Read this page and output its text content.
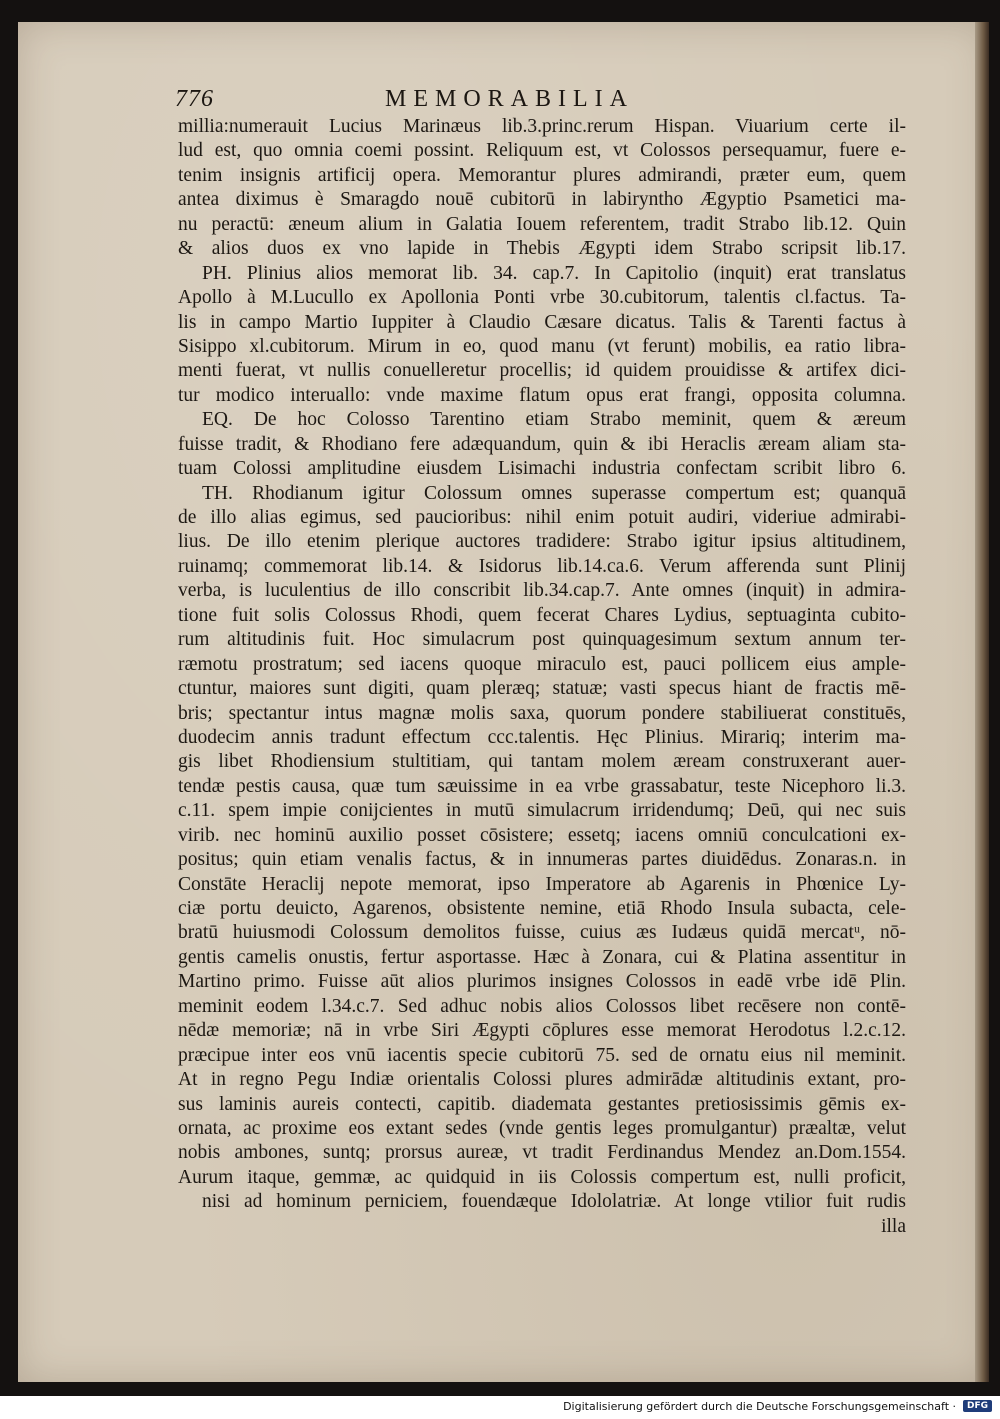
776	MEMORABILIA
millia:numerauit Lucius Marinæus lib.3.princ.rerum Hispan. Viuarium certe il-
lud est, quo omnia coemi possint. Reliquum est, vt Colossos persequamur, fuere e-
tenim insignis artificij opera. Memorantur plures admirandi, præter eum, quem
antea diximus è Smaragdo nouē cubitorū in labiryntho Ægyptio Psametici ma-
nu peractū: æneum alium in Galatia Iouem referentem, tradit Strabo lib.12. Quin
& alios duos ex vno lapide in Thebis Ægypti idem Strabo scripsit lib.17.
PH. Plinius alios memorat lib. 34. cap.7. In Capitolio (inquit) erat translatus
Apollo à M.Lucullo ex Apollonia Ponti vrbe 30.cubitorum, talentis cl.factus. Ta-
lis in campo Martio Iuppiter à Claudio Cæsare dicatus. Talis & Tarenti factus à
Sisippo xl.cubitorum. Mirum in eo, quod manu (vt ferunt) mobilis, ea ratio libra-
menti fuerat, vt nullis conuelleretur procellis; id quidem prouidisse & artifex dici-
tur modico interuallo: vnde maxime flatum opus erat frangi, opposita columna.
EQ. De hoc Colosso Tarentino etiam Strabo meminit, quem & æreum
fuisse tradit, & Rhodiano fere adæquandum, quin & ibi Heraclis æream aliam sta-
tuam Colossi amplitudine eiusdem Lisimachi industria confectam scribit libro 6.
TH. Rhodianum igitur Colossum omnes superasse compertum est; quanquā
de illo alias egimus, sed paucioribus: nihil enim potuit audiri, videriue admirabi-
lius. De illo etenim plerique auctores tradidere: Strabo igitur ipsius altitudinem,
ruinamq; commemorat lib.14. & Isidorus lib.14.ca.6. Verum afferenda sunt Plinij
verba, is luculentius de illo conscribit lib.34.cap.7. Ante omnes (inquit) in admira-
tione fuit solis Colossus Rhodi, quem fecerat Chares Lydius, septuaginta cubito-
rum altitudinis fuit. Hoc simulacrum post quinquagesimum sextum annum ter-
ræmotu prostratum; sed iacens quoque miraculo est, pauci pollicem eius ample-
ctuntur, maiores sunt digiti, quam pleræq; statuæ; vasti specus hiant de fractis mē-
bris; spectantur intus magnæ molis saxa, quorum pondere stabiliuerat constituēs,
duodecim annis tradunt effectum ccc.talentis. Hęc Plinius. Mirariq; interim ma-
gis libet Rhodiensium stultitiam, qui tantam molem æream construxerant auer-
tendæ pestis causa, quæ tum sæuissime in ea vrbe grassabatur, teste Nicephoro li.3.
c.11. spem impie conijcientes in mutū simulacrum irridendumq; Deū, qui nec suis
virib. nec hominū auxilio posset cōsistere; essetq; iacens omniū conculcationi ex-
positus; quin etiam venalis factus, & in innumeras partes diuidēdus. Zonaras.n. in
Constāte Heraclij nepote memorat, ipso Imperatore ab Agarenis in Phœnice Ly-
ciæ portu deuicto, Agarenos, obsistente nemine, etiā Rhodo Insula subacta, cele-
bratū huiusmodi Colossum demolitos fuisse, cuius æs Iudæus quidā mercatᵘ, nō-
gentis camelis onustis, fertur asportasse. Hæc à Zonara, cui & Platina assentitur in
Martino primo. Fuisse aūt alios plurimos insignes Colossos in eadē vrbe idē Plin.
meminit eodem l.34.c.7. Sed adhuc nobis alios Colossos libet recēsere non contē-
nēdæ memoriæ; nā in vrbe Siri Ægypti cōplures esse memorat Herodotus l.2.c.12.
præcipue inter eos vnū iacentis specie cubitorū 75. sed de ornatu eius nil meminit.
At in regno Pegu Indiæ orientalis Colossi plures admirādæ altitudinis extant, pro-
sus laminis aureis contecti, capitib. diademata gestantes pretiosissimis gēmis ex-
ornata, ac proxime eos extant sedes (vnde gentis leges promulgantur) præaltæ, velut
nobis ambones, suntq; prorsus aureæ, vt tradit Ferdinandus Mendez an.Dom.1554.
Aurum itaque, gemmæ, ac quidquid in iis Colossis compertum est, nulli proficit,
nisi ad hominum perniciem, fouendæque Idololatriæ. At longe vtilior fuit rudis
illa
Digitalisierung gefördert durch die Deutsche Forschungsgemeinschaft ·	DFG
